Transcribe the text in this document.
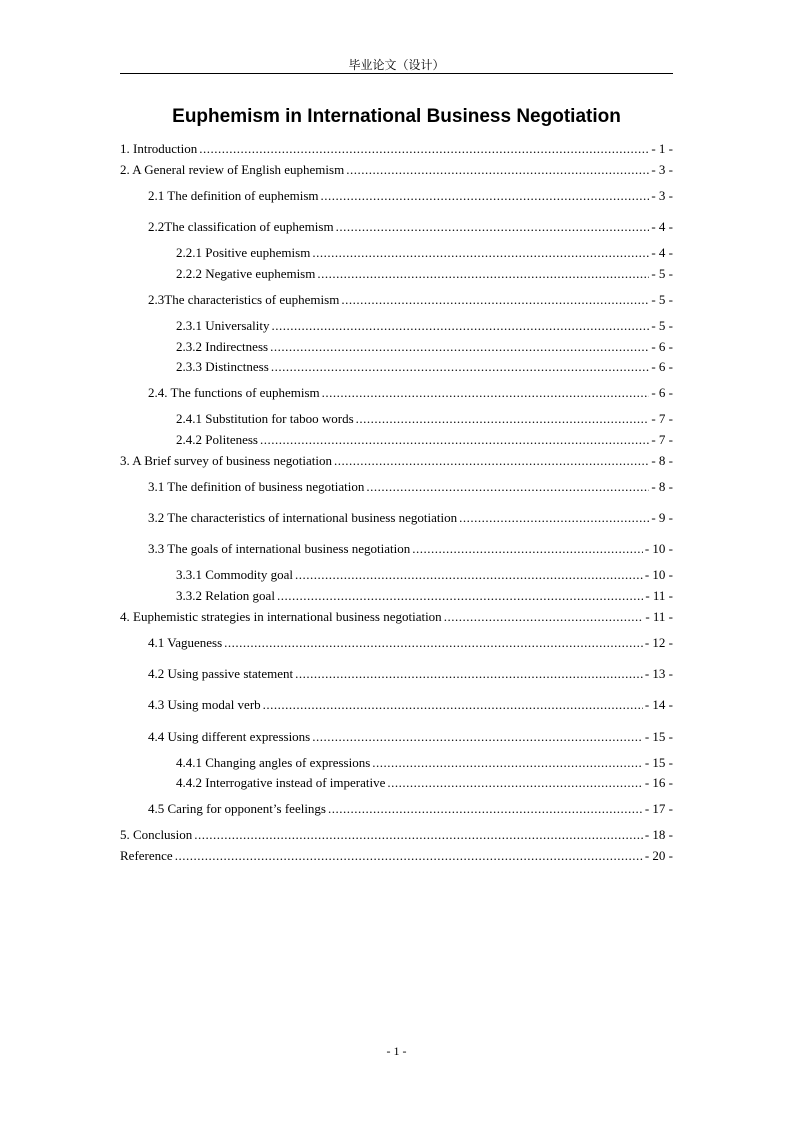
毕业论文（设计）
Euphemism in International Business Negotiation
1. Introduction .....	- 1 -
2. A General review of English euphemism .....	- 3 -
2.1 The definition of euphemism .....	- 3 -
2.2The classification of euphemism .....	- 4 -
2.2.1 Positive euphemism .....	- 4 -
2.2.2 Negative euphemism .....	- 5 -
2.3The characteristics of euphemism .....	- 5 -
2.3.1 Universality .....	- 5 -
2.3.2 Indirectness .....	- 6 -
2.3.3 Distinctness .....	- 6 -
2.4. The functions of euphemism .....	- 6 -
2.4.1 Substitution for taboo words .....	- 7 -
2.4.2 Politeness .....	- 7 -
3. A Brief survey of business negotiation .....	- 8 -
3.1 The definition of business negotiation .....	- 8 -
3.2 The characteristics of international business negotiation .....	- 9 -
3.3 The goals of international business negotiation .....	- 10 -
3.3.1 Commodity goal .....	- 10 -
3.3.2 Relation goal .....	- 11 -
4. Euphemistic strategies in international business negotiation .....	- 11 -
4.1 Vagueness .....	- 12 -
4.2 Using passive statement .....	- 13 -
4.3 Using modal verb .....	- 14 -
4.4 Using different expressions .....	- 15 -
4.4.1 Changing angles of expressions .....	- 15 -
4.4.2 Interrogative instead of imperative .....	- 16 -
4.5 Caring for opponent’s feelings .....	- 17 -
5. Conclusion .....	- 18 -
Reference .....	- 20 -
- 1 -
